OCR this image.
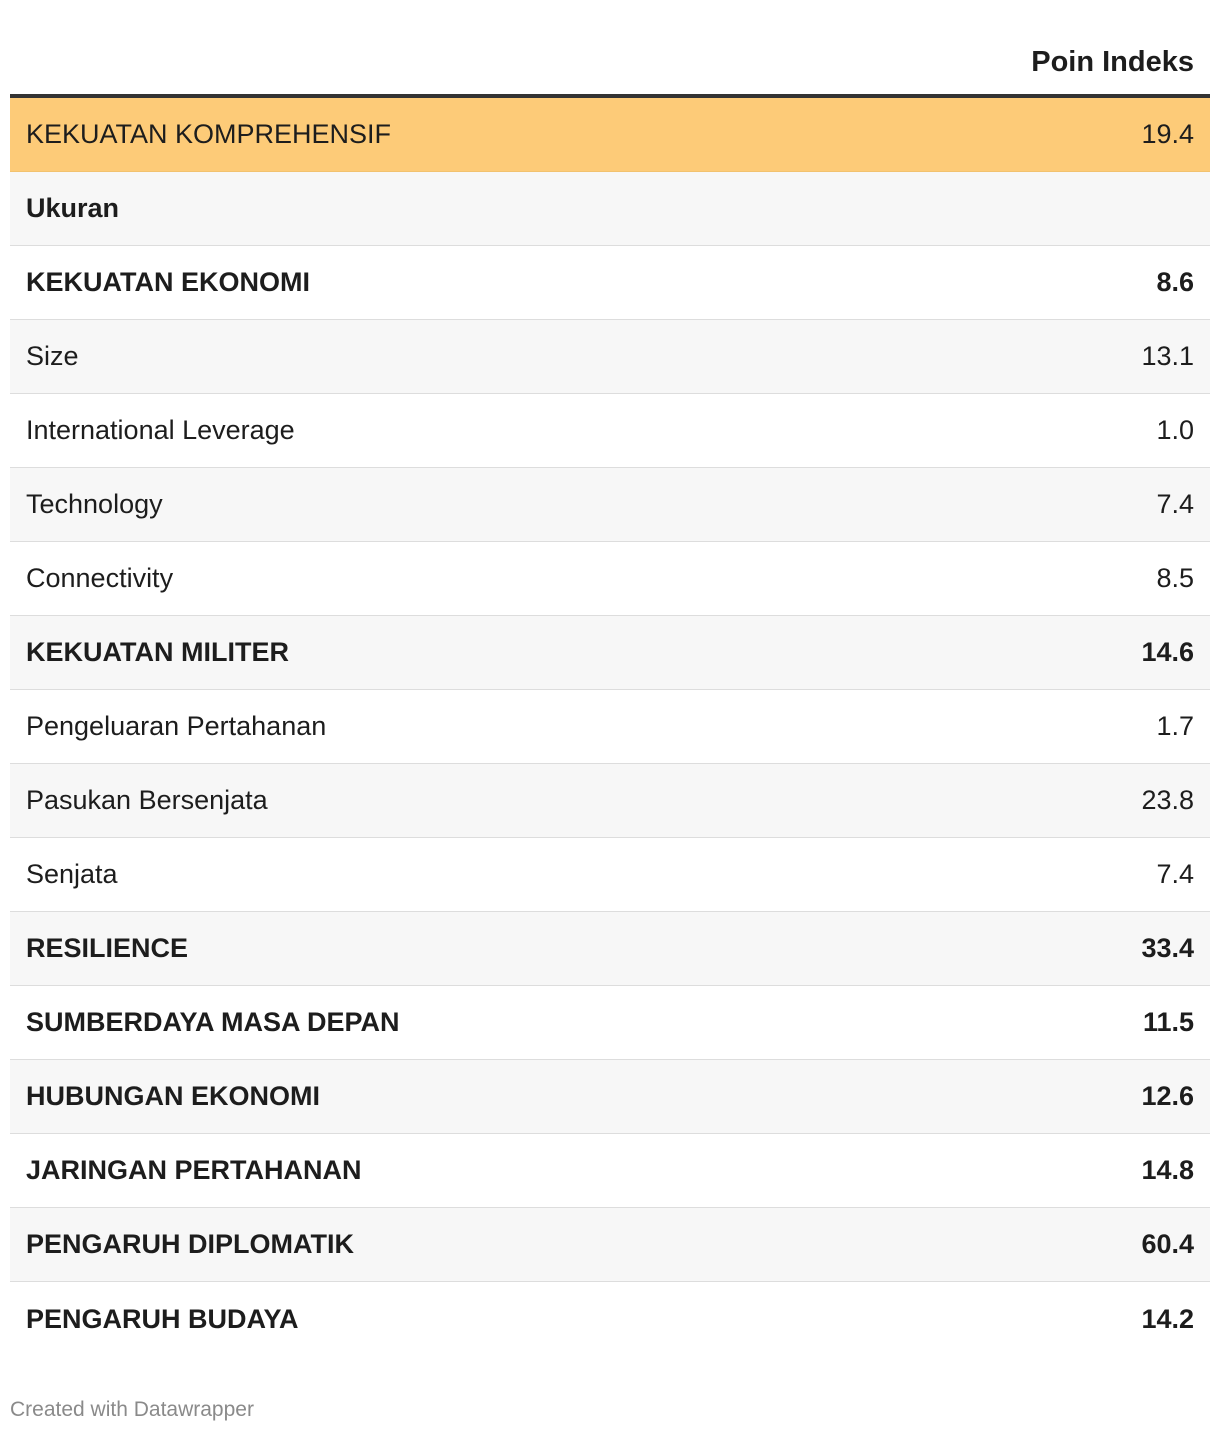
Poin Indeks
KEKUATAN KOMPREHENSIF	19.4
Ukuran
KEKUATAN EKONOMI	8.6
Size	13.1
International Leverage	1.0
Technology	7.4
Connectivity	8.5
KEKUATAN MILITER	14.6
Pengeluaran Pertahanan	1.7
Pasukan Bersenjata	23.8
Senjata	7.4
RESILIENCE	33.4
SUMBERDAYA MASA DEPAN	11.5
HUBUNGAN EKONOMI	12.6
JARINGAN PERTAHANAN	14.8
PENGARUH DIPLOMATIK	60.4
PENGARUH BUDAYA	14.2
Created with Datawrapper
